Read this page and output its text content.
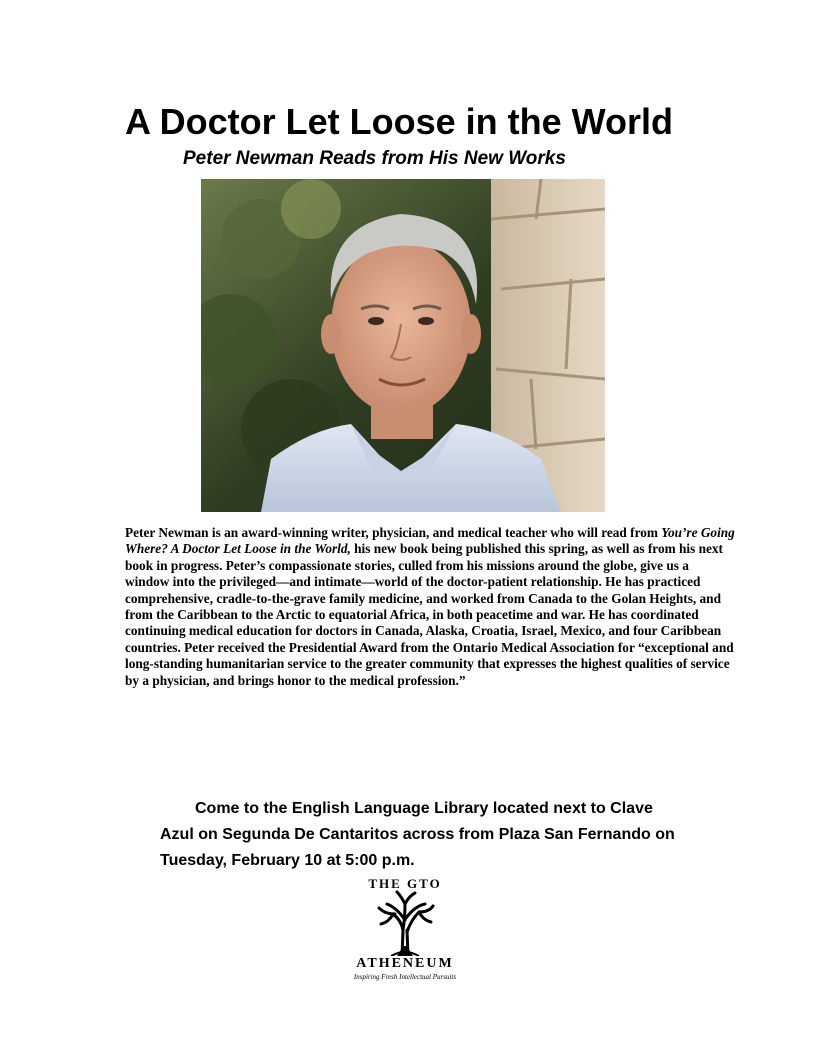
A Doctor Let Loose in the World
Peter Newman Reads from His New Works

Peter Newman is an award-winning writer, physician, and medical teacher who will read from You’re Going Where? A Doctor Let Loose in the World, his new book being published this spring, as well as from his next book in progress. Peter’s compassionate stories, culled from his missions around the globe, give us a window into the privileged—and intimate—world of the doctor-patient relationship. He has practiced comprehensive, cradle-to-the-grave family medicine, and worked from Canada to the Golan Heights, and from the Caribbean to the Arctic to equatorial Africa, in both peacetime and war. He has coordinated continuing medical education for doctors in Canada, Alaska, Croatia, Israel, Mexico, and four Caribbean countries. Peter received the Presidential Award from the Ontario Medical Association for “exceptional and long-standing humanitarian service to the greater community that expresses the highest qualities of service by a physician, and brings honor to the medical profession.”

Come to the English Language Library located next to Clave
Azul on Segunda De Cantaritos across from Plaza San Fernando on
Tuesday, February 10 at 5:00 p.m.

THE GTO
ATHENEUM
Inspiring Fresh Intellectual Pursuits
